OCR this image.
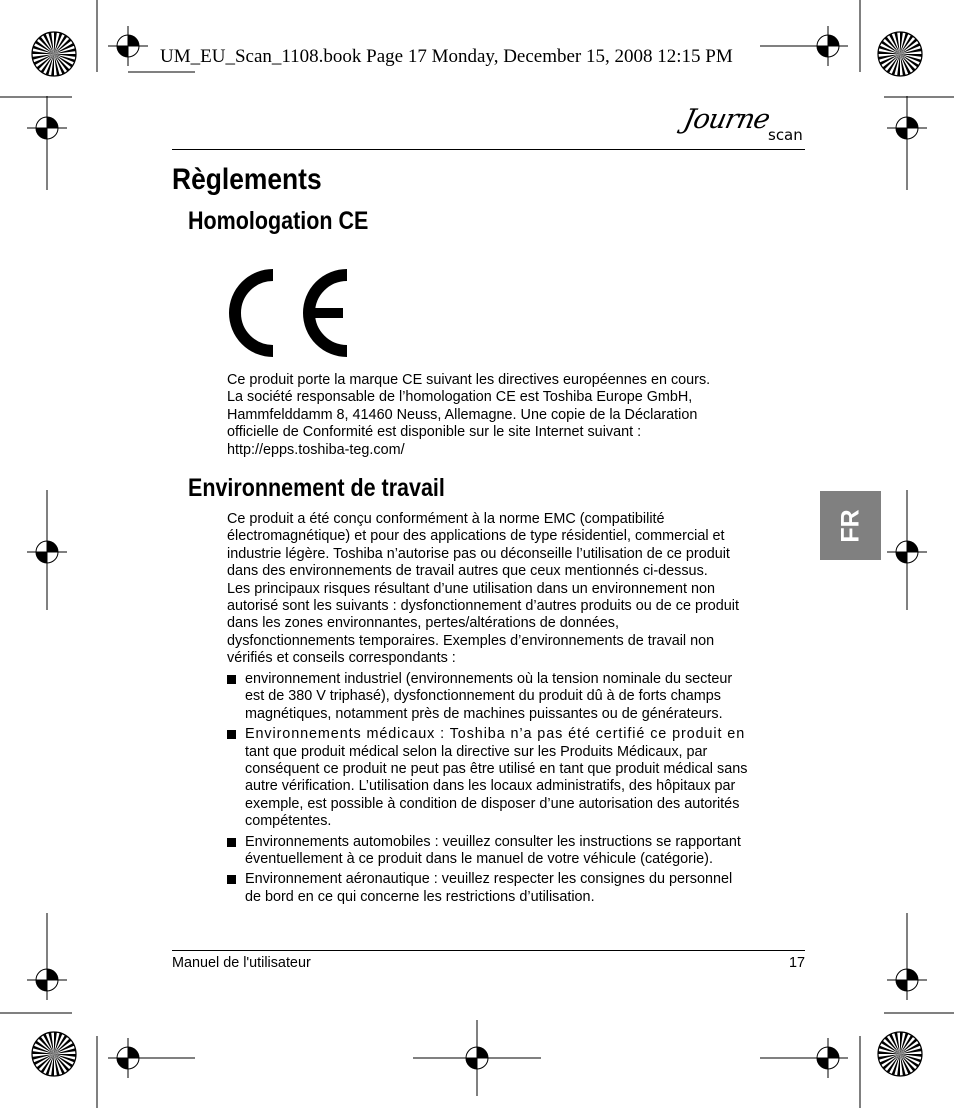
UM_EU_Scan_1108.book Page 17 Monday, December 15, 2008 12:15 PM
Journe
scan
Règlements
Homologation CE

Ce produit porte la marque CE suivant les directives européennes en cours.
La société responsable de l’homologation CE est Toshiba Europe GmbH,
Hammfelddamm 8, 41460 Neuss, Allemagne. Une copie de la Déclaration
officielle de Conformité est disponible sur le site Internet suivant :
http://epps.toshiba-teg.com/

Environnement de travail

Ce produit a été conçu conformément à la norme EMC (compatibilité
électromagnétique) et pour des applications de type résidentiel, commercial et
industrie légère. Toshiba n’autorise pas ou déconseille l’utilisation de ce produit
dans des environnements de travail autres que ceux mentionnés ci-dessus.
Les principaux risques résultant d’une utilisation dans un environnement non
autorisé sont les suivants : dysfonctionnement d’autres produits ou de ce produit
dans les zones environnantes, pertes/altérations de données,
dysfonctionnements temporaires. Exemples d’environnements de travail non
vérifiés et conseils correspondants :

environnement industriel (environnements où la tension nominale du secteur
est de 380 V triphasé), dysfonctionnement du produit dû à de forts champs
magnétiques, notamment près de machines puissantes ou de générateurs.
Environnements médicaux : Toshiba n’a pas été certifié ce produit en
tant que produit médical selon la directive sur les Produits Médicaux, par
conséquent ce produit ne peut pas être utilisé en tant que produit médical sans
autre vérification. L’utilisation dans les locaux administratifs, des hôpitaux par
exemple, est possible à condition de disposer d’une autorisation des autorités
compétentes.
Environnements automobiles : veuillez consulter les instructions se rapportant
éventuellement à ce produit dans le manuel de votre véhicule (catégorie).
Environnement aéronautique : veuillez respecter les consignes du personnel
de bord en ce qui concerne les restrictions d’utilisation.
FR
Manuel de l'utilisateur	17
